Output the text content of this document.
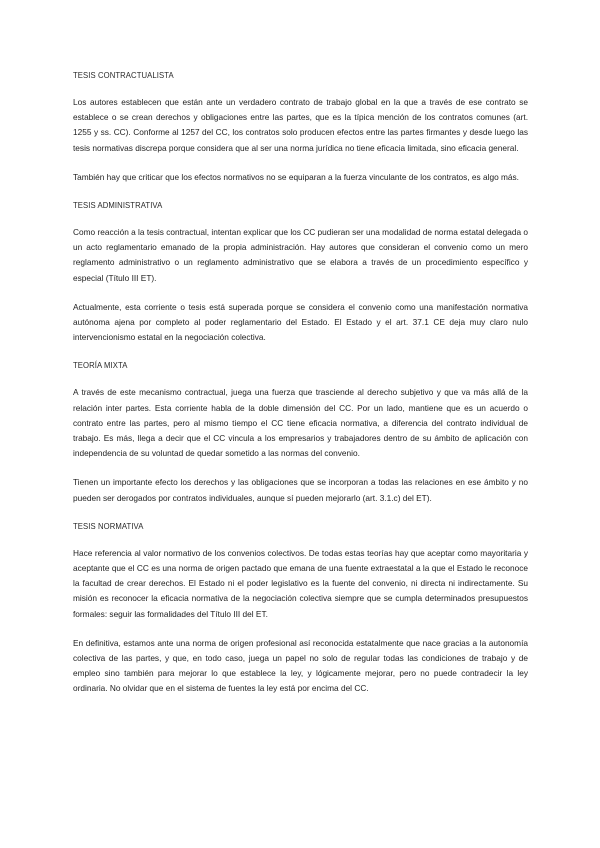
TESIS CONTRACTUALISTA

Los autores establecen que están ante un verdadero contrato de trabajo global en la que a través de ese contrato se establece o se crean derechos y obligaciones entre las partes, que es la típica mención de los contratos comunes (art. 1255 y ss. CC). Conforme al 1257 del CC, los contratos solo producen efectos entre las partes firmantes y desde luego las tesis normativas discrepa porque considera que al ser una norma jurídica no tiene eficacia limitada, sino eficacia general.

También hay que criticar que los efectos normativos no se equiparan a la fuerza vinculante de los contratos, es algo más.

TESIS ADMINISTRATIVA

Como reacción a la tesis contractual, intentan explicar que los CC pudieran ser una modalidad de norma estatal delegada o un acto reglamentario emanado de la propia administración. Hay autores que consideran el convenio como un mero reglamento administrativo o un reglamento administrativo que se elabora a través de un procedimiento específico y especial (Título III ET).

Actualmente, esta corriente o tesis está superada porque se considera el convenio como una manifestación normativa autónoma ajena por completo al poder reglamentario del Estado. El Estado y el art. 37.1 CE deja muy claro nulo intervencionismo estatal en la negociación colectiva.

TEORÍA MIXTA

A través de este mecanismo contractual, juega una fuerza que trasciende al derecho subjetivo y que va más allá de la relación inter partes. Esta corriente habla de la doble dimensión del CC. Por un lado, mantiene que es un acuerdo o contrato entre las partes, pero al mismo tiempo el CC tiene eficacia normativa, a diferencia del contrato individual de trabajo. Es más, llega a decir que el CC vincula a los empresarios y trabajadores dentro de su ámbito de aplicación con independencia de su voluntad de quedar sometido a las normas del convenio.

Tienen un importante efecto los derechos y las obligaciones que se incorporan a todas las relaciones en ese ámbito y no pueden ser derogados por contratos individuales, aunque sí pueden mejorarlo (art. 3.1.c) del ET).

TESIS NORMATIVA

Hace referencia al valor normativo de los convenios colectivos. De todas estas teorías hay que aceptar como mayoritaria y aceptante que el CC es una norma de origen pactado que emana de una fuente extraestatal a la que el Estado le reconoce la facultad de crear derechos. El Estado ni el poder legislativo es la fuente del convenio, ni directa ni indirectamente. Su misión es reconocer la eficacia normativa de la negociación colectiva siempre que se cumpla determinados presupuestos formales: seguir las formalidades del Título III del ET.

En definitiva, estamos ante una norma de origen profesional así reconocida estatalmente que nace gracias a la autonomía colectiva de las partes, y que, en todo caso, juega un papel no solo de regular todas las condiciones de trabajo y de empleo sino también para mejorar lo que establece la ley, y lógicamente mejorar, pero no puede contradecir la ley ordinaria. No olvidar que en el sistema de fuentes la ley está por encima del CC.
